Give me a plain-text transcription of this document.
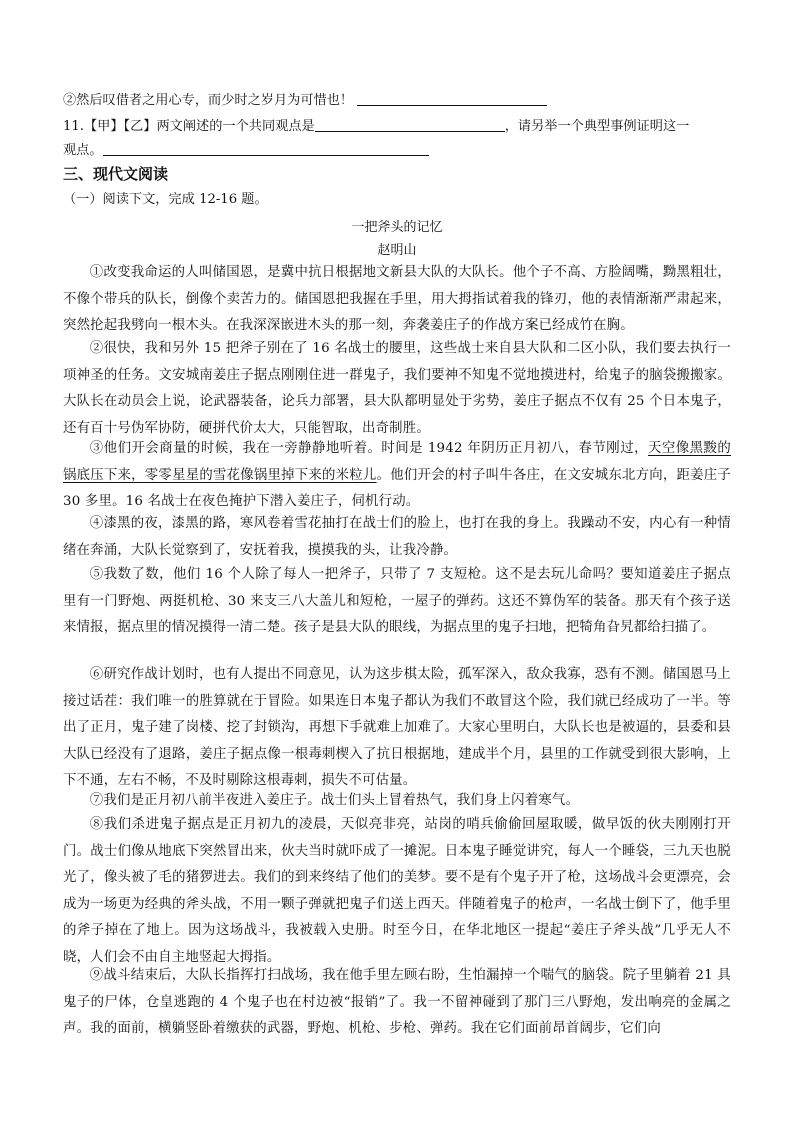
②然后叹借者之用心专，而少时之岁月为可惜也！
11.【甲】【乙】两文阐述的一个共同观点是	，请另举一个典型事例证明这一
观点。
三、现代文阅读
（一）阅读下文，完成 12-16 题。
一把斧头的记忆
赵明山
①改变我命运的人叫储国恩，是冀中抗日根据地文新县大队的大队长。他个子不高、方脸阔嘴，黝黑粗壮，不像个带兵的队长，倒像个卖苦力的。储国恩把我握在手里，用大拇指试着我的锋刃，他的表情渐渐严肃起来，突然抡起我劈向一根木头。在我深深嵌进木头的那一刻，奔袭姜庄子的作战方案已经成竹在胸。
②很快，我和另外 15 把斧子别在了 16 名战士的腰里，这些战士来自县大队和二区小队，我们要去执行一项神圣的任务。文安城南姜庄子据点刚刚住进一群鬼子，我们要神不知鬼不觉地摸进村，给鬼子的脑袋搬搬家。大队长在动员会上说，论武器装备，论兵力部署，县大队都明显处于劣势，姜庄子据点不仅有 25 个日本鬼子，还有百十号伪军协防，硬拼代价太大，只能智取，出奇制胜。
③他们开会商量的时候，我在一旁静静地听着。时间是 1942 年阴历正月初八，春节刚过，天空像黑黢的锅底压下来，零零星星的雪花像锅里掉下来的米粒儿。他们开会的村子叫牛各庄，在文安城东北方向，距姜庄子 30 多里。16 名战士在夜色掩护下潜入姜庄子，伺机行动。
④漆黑的夜，漆黑的路，寒风卷着雪花抽打在战士们的脸上，也打在我的身上。我躁动不安，内心有一种情绪在奔涌，大队长觉察到了，安抚着我，摸摸我的头，让我冷静。
⑤我数了数，他们 16 个人除了每人一把斧子，只带了 7 支短枪。这不是去玩儿命吗？要知道姜庄子据点里有一门野炮、两挺机枪、30 来支三八大盖儿和短枪，一屋子的弹药。这还不算伪军的装备。那天有个孩子送来情报，据点里的情况摸得一清二楚。孩子是县大队的眼线，为据点里的鬼子扫地，把犄角旮旯都给扫描了。
⑥研究作战计划时，也有人提出不同意见，认为这步棋太险，孤军深入，敌众我寡，恐有不测。储国恩马上接过话茬：我们唯一的胜算就在于冒险。如果连日本鬼子都认为我们不敢冒这个险，我们就已经成功了一半。等出了正月，鬼子建了岗楼、挖了封锁沟，再想下手就难上加难了。大家心里明白，大队长也是被逼的，县委和县大队已经没有了退路，姜庄子据点像一根毒刺楔入了抗日根据地，建成半个月，县里的工作就受到很大影响，上下不通，左右不畅，不及时剔除这根毒刺，损失不可估量。
⑦我们是正月初八前半夜进入姜庄子。战士们头上冒着热气，我们身上闪着寒气。
⑧我们杀进鬼子据点是正月初九的凌晨，天似亮非亮，站岗的哨兵偷偷回屋取暖，做早饭的伙夫刚刚打开门。战士们像从地底下突然冒出来，伙夫当时就吓成了一摊泥。日本鬼子睡觉讲究，每人一个睡袋，三九天也脱光了，像头被了毛的猪猡进去。我们的到来终结了他们的美梦。要不是有个鬼子开了枪，这场战斗会更漂亮，会成为一场更为经典的斧头战，不用一颗子弹就把鬼子们送上西天。伴随着鬼子的枪声，一名战士倒下了，他手里的斧子掉在了地上。因为这场战斗，我被载入史册。时至今日，在华北地区一提起“姜庄子斧头战”几乎无人不晓，人们会不由自主地竖起大拇指。
⑨战斗结束后，大队长指挥打扫战场，我在他手里左顾右盼，生怕漏掉一个喘气的脑袋。院子里躺着 21 具鬼子的尸体，仓皇逃跑的 4 个鬼子也在村边被“报销”了。我一不留神碰到了那门三八野炮，发出响亮的金属之声。我的面前，横躺竖卧着缴获的武器，野炮、机枪、步枪、弹药。我在它们面前昂首阔步，它们向
